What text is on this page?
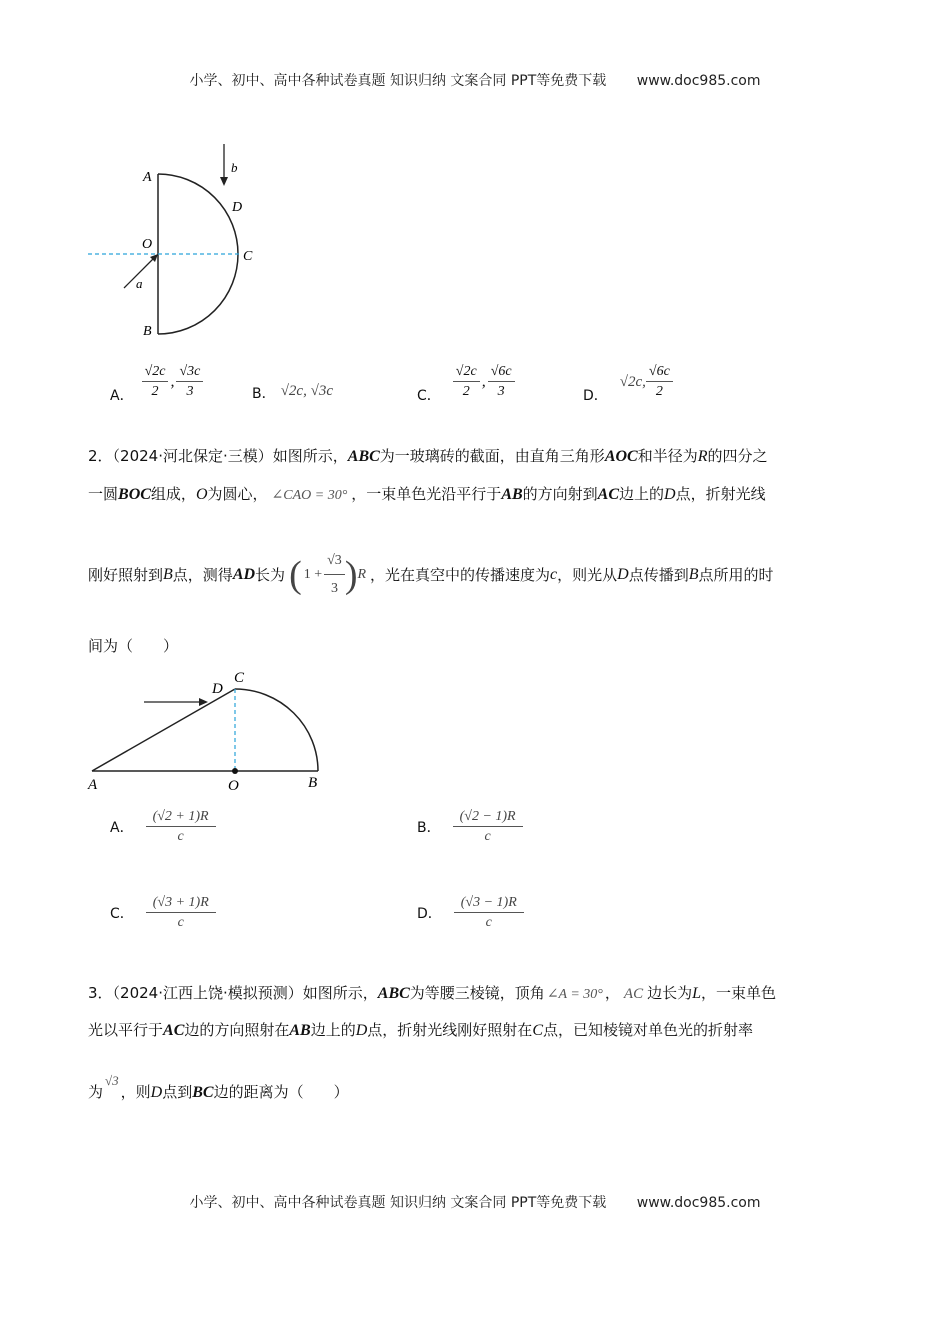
小学、初中、高中各种试卷真题 知识归纳 文案合同 PPT等免费下载 www.doc985.com
A
B
O
C
D
a
b
A． $\frac{√2c}{2}$ , $\frac{√3c}{3}$	B． √2c, √3c	C． $\frac{√2c}{2}$ , $\frac{√6c}{3}$	D．
√2c, $\frac{√6c}{2}$
2．（2024·河北保定·三模）如图所示，ABC为一玻璃砖的截面，由直角三角形AOC和半径为R的四分之
一圆BOC组成，O为圆心， ∠CAO = 30° ，一束单色光沿平行于AB的方向射到AC边上的D点，折射光线
刚好照射到 B 点，测得 AD 长为 ( $1 + \frac{√3}{3}$ ) R ，光在真空中的传播速度为 c ，则光从 D 点传播到 B 点所用的时
间为（　　）
A	O	B
C
D
A． $\frac{(√2 + 1)R}{c}$	B． $\frac{(√2 - 1)R}{c}$
C． $\frac{(√3 + 1)R}{c}$	D． $\frac{(√3 - 1)R}{c}$
3．（2024·江西上饶·模拟预测）如图所示，ABC为等腰三棱镜，顶角 ∠A = 30° ， AC 边长为L，一束单色
光以平行于AC边的方向照射在AB边上的D点，折射光线刚好照射在C点，已知棱镜对单色光的折射率
为√3，则D点到BC边的距离为（　　）
小学、初中、高中各种试卷真题 知识归纳 文案合同 PPT等免费下载 www.doc985.com
